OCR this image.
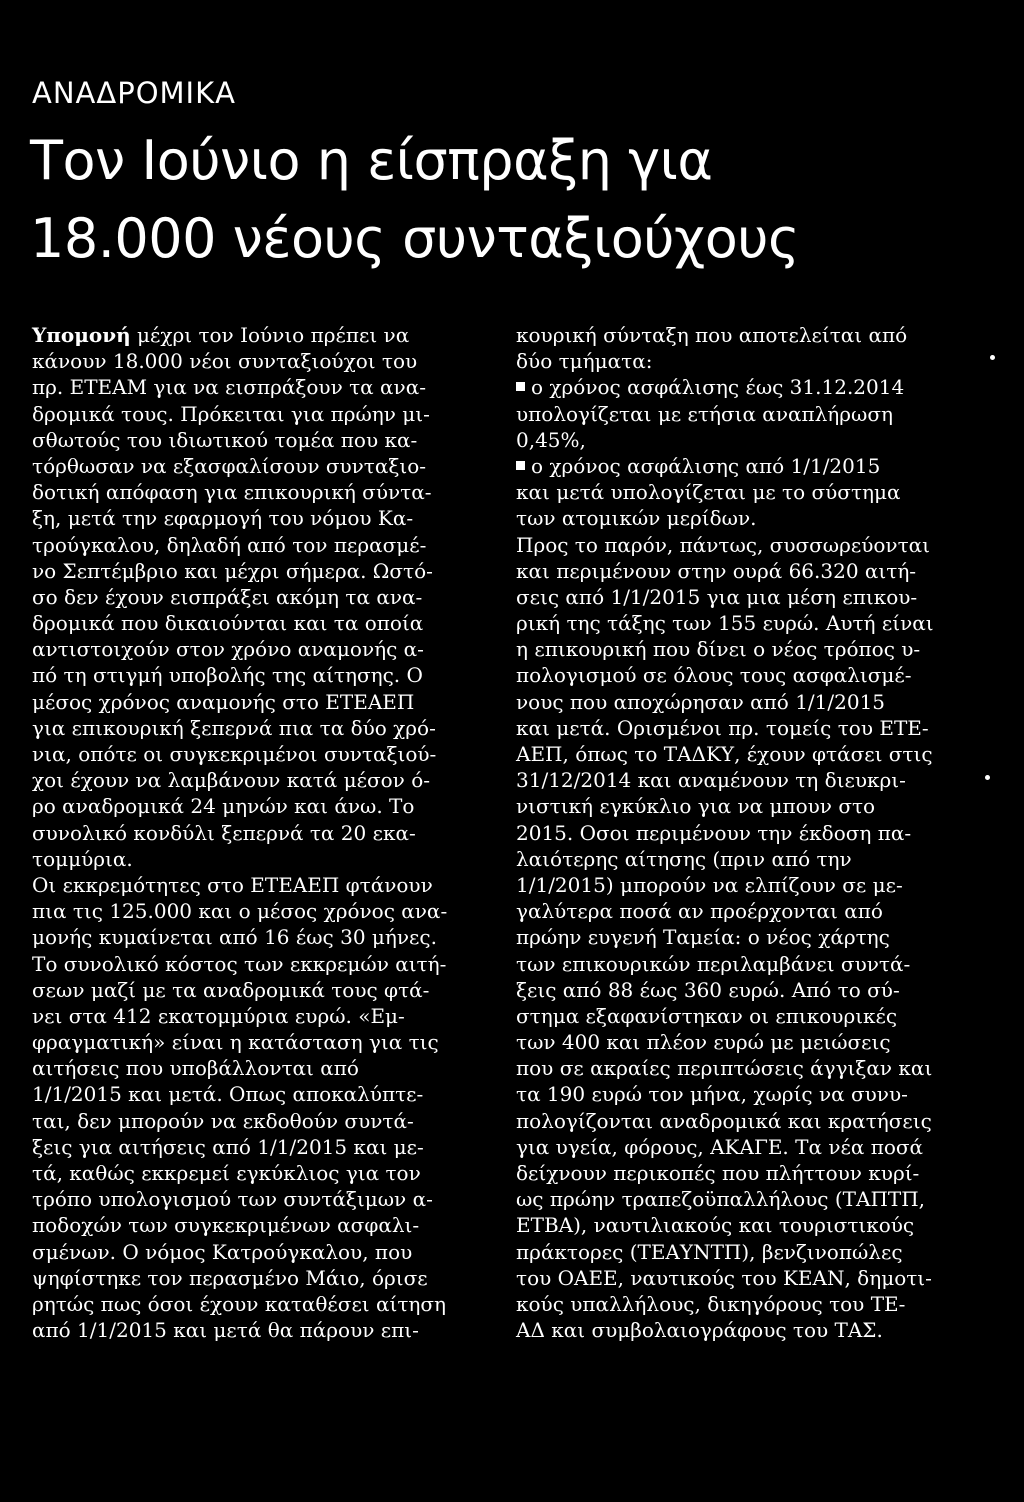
ΑΝΑΔΡΟΜΙΚΑ
Τον Ιούνιο η είσπραξη για
18.000 νέους συνταξιούχους
Υπομονή μέχρι τον Ιούνιο πρέπει να
κάνουν 18.000 νέοι συνταξιούχοι του
πρ. ΕΤΕΑΜ για να εισπράξουν τα ανα-
δρομικά τους. Πρόκειται για πρώην μι-
σθωτούς του ιδιωτικού τομέα που κα-
τόρθωσαν να εξασφαλίσουν συνταξιο-
δοτική απόφαση για επικουρική σύντα-
ξη, μετά την εφαρμογή του νόμου Κα-
τρούγκαλου, δηλαδή από τον περασμέ-
νο Σεπτέμβριο και μέχρι σήμερα. Ωστό-
σο δεν έχουν εισπράξει ακόμη τα ανα-
δρομικά που δικαιούνται και τα οποία
αντιστοιχούν στον χρόνο αναμονής α-
πό τη στιγμή υποβολής της αίτησης. Ο
μέσος χρόνος αναμονής στο ΕΤΕΑΕΠ
για επικουρική ξεπερνά πια τα δύο χρό-
νια, οπότε οι συγκεκριμένοι συνταξιού-
χοι έχουν να λαμβάνουν κατά μέσον ό-
ρο αναδρομικά 24 μηνών και άνω. Το
συνολικό κονδύλι ξεπερνά τα 20 εκα-
τομμύρια.
Οι εκκρεμότητες στο ΕΤΕΑΕΠ φτάνουν
πια τις 125.000 και ο μέσος χρόνος ανα-
μονής κυμαίνεται από 16 έως 30 μήνες.
Το συνολικό κόστος των εκκρεμών αιτή-
σεων μαζί με τα αναδρομικά τους φτά-
νει στα 412 εκατομμύρια ευρώ. «Εμ-
φραγματική» είναι η κατάσταση για τις
αιτήσεις που υποβάλλονται από
1/1/2015 και μετά. Οπως αποκαλύπτε-
ται, δεν μπορούν να εκδοθούν συντά-
ξεις για αιτήσεις από 1/1/2015 και με-
τά, καθώς εκκρεμεί εγκύκλιος για τον
τρόπο υπολογισμού των συντάξιμων α-
ποδοχών των συγκεκριμένων ασφαλι-
σμένων. Ο νόμος Κατρούγκαλου, που
ψηφίστηκε τον περασμένο Μάιο, όρισε
ρητώς πως όσοι έχουν καταθέσει αίτηση
από 1/1/2015 και μετά θα πάρουν επι-
κουρική σύνταξη που αποτελείται από
δύο τμήματα:
ο χρόνος ασφάλισης έως 31.12.2014
υπολογίζεται με ετήσια αναπλήρωση
0,45%,
ο χρόνος ασφάλισης από 1/1/2015
και μετά υπολογίζεται με το σύστημα
των ατομικών μερίδων.
Προς το παρόν, πάντως, συσσωρεύονται
και περιμένουν στην ουρά 66.320 αιτή-
σεις από 1/1/2015 για μια μέση επικου-
ρική της τάξης των 155 ευρώ. Αυτή είναι
η επικουρική που δίνει ο νέος τρόπος υ-
πολογισμού σε όλους τους ασφαλισμέ-
νους που αποχώρησαν από 1/1/2015
και μετά. Ορισμένοι πρ. τομείς του ΕΤΕ-
ΑΕΠ, όπως το ΤΑΔΚΥ, έχουν φτάσει στις
31/12/2014 και αναμένουν τη διευκρι-
νιστική εγκύκλιο για να μπουν στο
2015. Οσοι περιμένουν την έκδοση πα-
λαιότερης αίτησης (πριν από την
1/1/2015) μπορούν να ελπίζουν σε με-
γαλύτερα ποσά αν προέρχονται από
πρώην ευγενή Ταμεία: ο νέος χάρτης
των επικουρικών περιλαμβάνει συντά-
ξεις από 88 έως 360 ευρώ. Από το σύ-
στημα εξαφανίστηκαν οι επικουρικές
των 400 και πλέον ευρώ με μειώσεις
που σε ακραίες περιπτώσεις άγγιξαν και
τα 190 ευρώ τον μήνα, χωρίς να συνυ-
πολογίζονται αναδρομικά και κρατήσεις
για υγεία, φόρους, ΑΚΑΓΕ. Τα νέα ποσά
δείχνουν περικοπές που πλήττουν κυρί-
ως πρώην τραπεζοϋπαλλήλους (ΤΑΠΤΠ,
ΕΤΒΑ), ναυτιλιακούς και τουριστικούς
πράκτορες (ΤΕΑΥΝΤΠ), βενζινοπώλες
του ΟΑΕΕ, ναυτικούς του ΚΕΑΝ, δημοτι-
κούς υπαλλήλους, δικηγόρους του ΤΕ-
ΑΔ και συμβολαιογράφους του ΤΑΣ.
